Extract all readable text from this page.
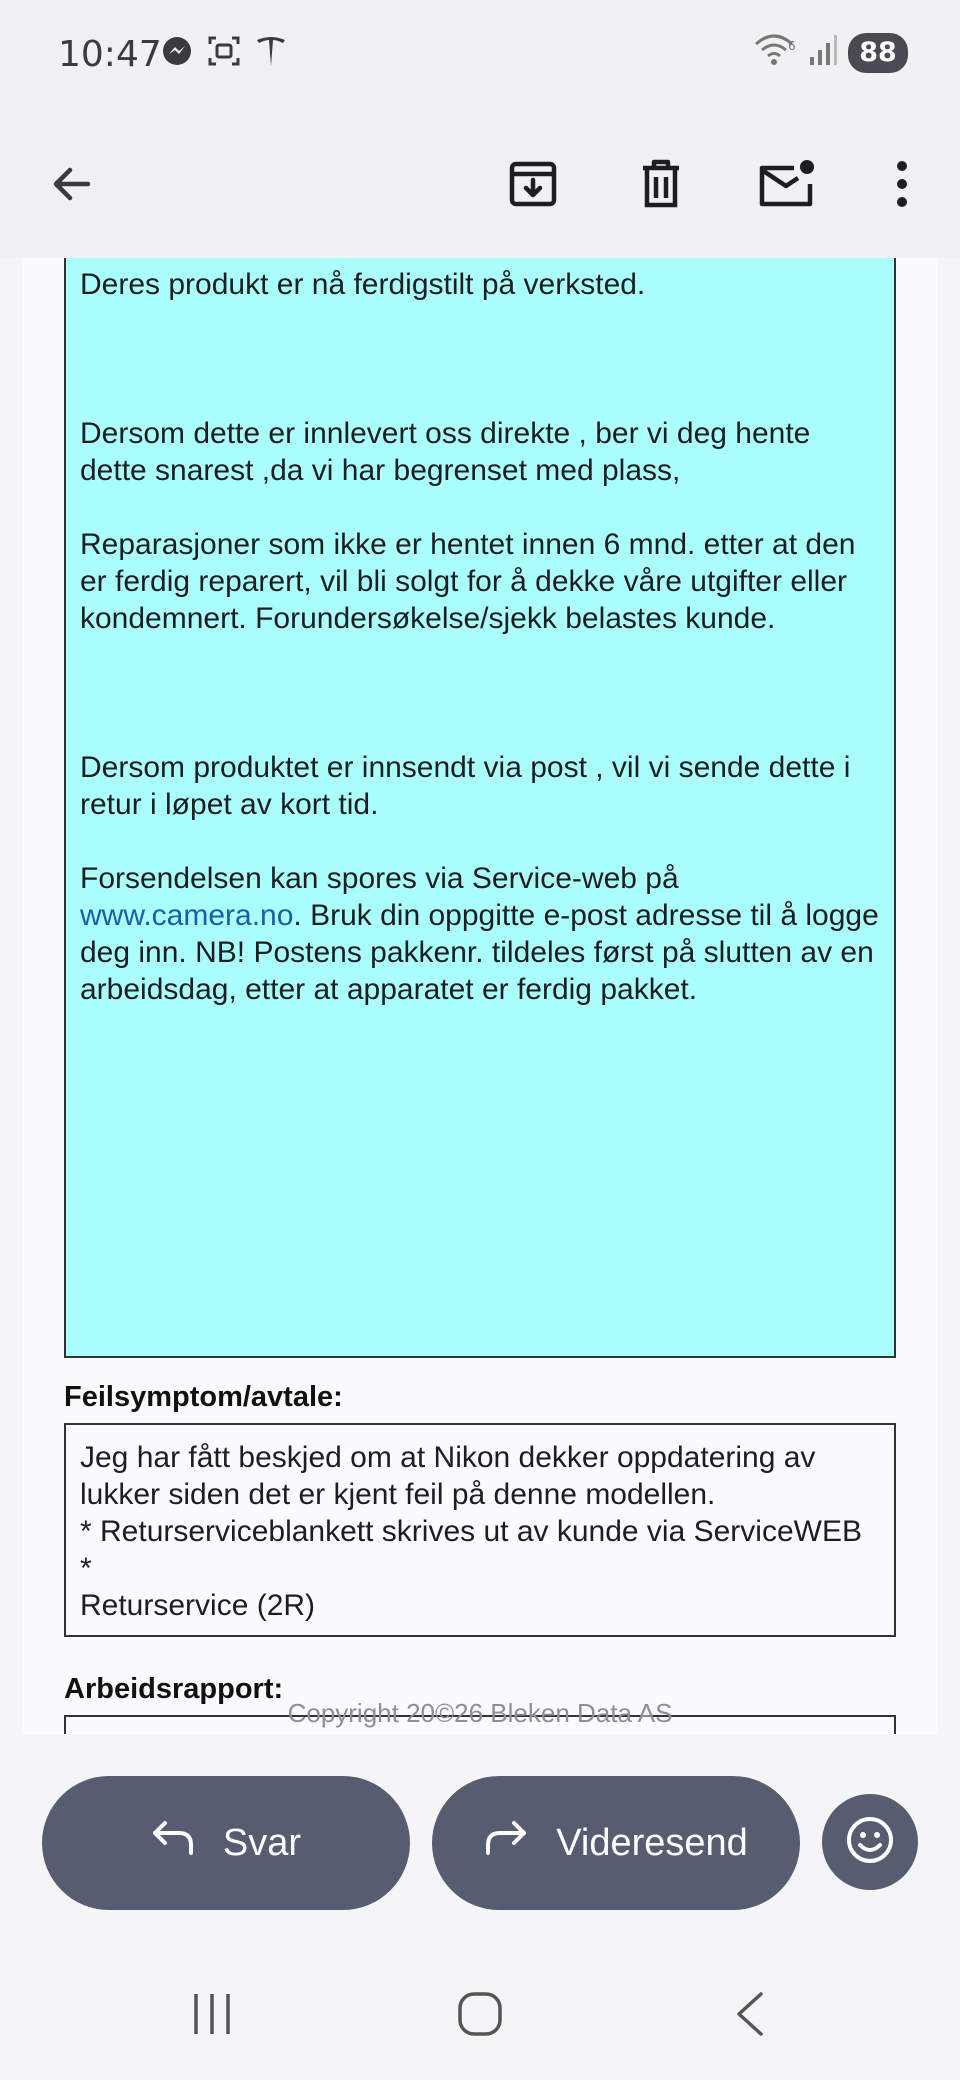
10:47	6	88

Deres produkt er nå ferdigstilt på verksted.

Dersom dette er innlevert oss direkte , ber vi deg hente dette snarest ,da vi har begrenset med plass,

Reparasjoner som ikke er hentet innen 6 mnd. etter at den er ferdig reparert, vil bli solgt for å dekke våre utgifter eller kondemnert. Forundersøkelse/sjekk belastes kunde.

Dersom produktet er innsendt via post , vil vi sende dette i retur i løpet av kort tid.

Forsendelsen kan spores via Service-web på www.camera.no. Bruk din oppgitte e-post adresse til å logge deg inn. NB! Postens pakkenr. tildeles først på slutten av en arbeidsdag, etter at apparatet er ferdig pakket.

Feilsymptom/avtale:
Jeg har fått beskjed om at Nikon dekker oppdatering av lukker siden det er kjent feil på denne modellen.
* Returserviceblankett skrives ut av kunde via ServiceWEB *
Returservice (2R)
Arbeidsrapport:
Copyright 20©26 Bleken Data AS
Svar	Videresend
